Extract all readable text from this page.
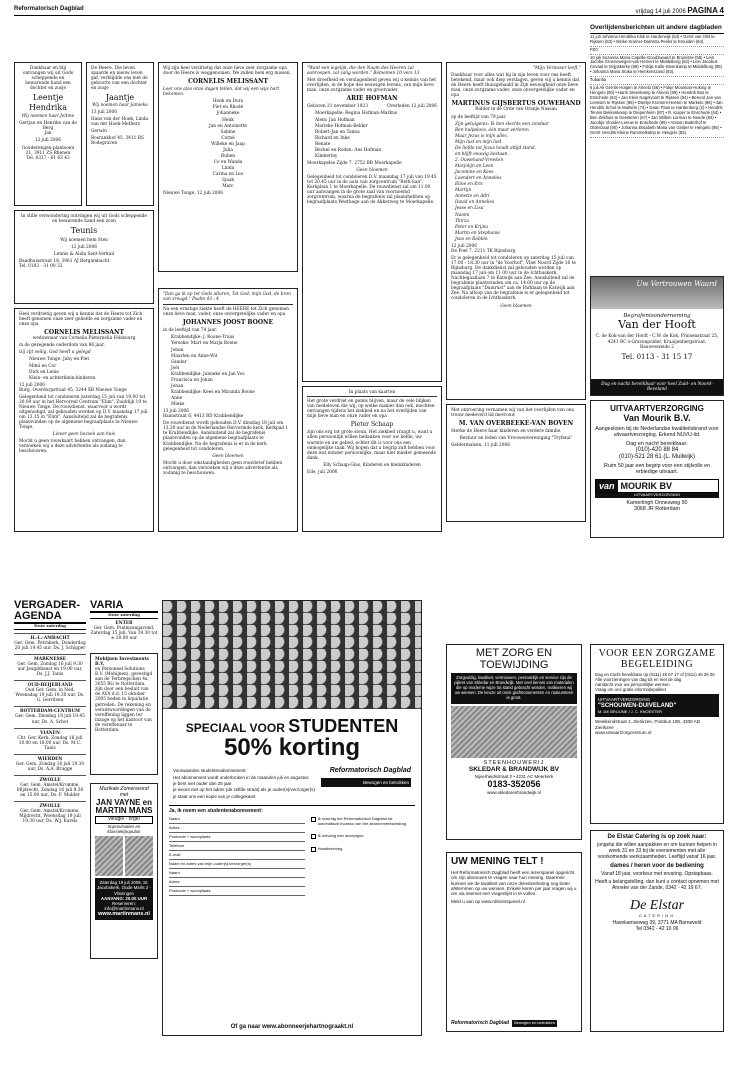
Reformatorisch Dagblad	vrijdag 14 juli 2006 PAGINA 4
Dankbaar en blij ontvangen wij uit Gods scheppende en bewarende hand een dochter en zusje
Leentje Hendrika
Wij noemen haar Jeltine
Gertjan en Henrike van de Berg
Jan
12 juli 2006
Gouderengen-plantsoen 21, 3911 ZS Rhenen
Tel. 0317 - 61 63 43
De Heere, Die leven spaarde en nieuw leven gaf, verblijdde ons met de geboorte van een dochter en zusje
Jaantje
Wij noemen haar Jamieke
13 juli 2006
Hans van der Hoek, Linda van der Hoek-Metherz
Gerwin
Bosrankhof 45, 3411 RS Bodegraven
In stille verwondering ontvingen wij uit Gods scheppende en bewarende hand een zoon
Teunis
Wij noemen hem Sten
12 juli 2006
Lennis & Alida Sent-Verkuil
Baadhuisstraat 18, 3961 AJ Bergambacht
Tel. 0183 - 31 00 33
Wij zijn heel verdrietig dat onze lieve zeer zorgzame opa door de Heere is weggenomen. We zullen hem erg missen.
CORNELIS MELISSANT
Leer ons alzo onze dagen tellen, dat wij een wijs hart bekomen.
Henk en Dora
Piet en Rhodé
Johanneke
Henk
Jan en Antoinette
Sabine
Corné
Willeke en Jaap
Julia
Ruben
Co en Wanda
Linda
Carina en Leo
Sjaak
Marc
Nieuwe Tonge, 12 juli 2006
Heel verdrietig geven wij u kennis dat de Heere tot Zich heeft genomen onze zeer geliefde en zorgzame vader en onze opa
CORNELIS MELISSANT
weduwnaar van Cornelia Pieternella Felsbourg
in de gezegende ouderdom van 86 jaar.
Gij zijt veilig, God heeft u gelegd
Nieuwe Tonge: Jany en Piet
Mimi en Cor
Dick en Lenie
Klein- en achterklein-kinderen
12 juli 2006
Burg. Overdorpstraat 45, 3244 XB Nieuwe Tonge
Gelegenheid tot condoleren zaterdag 15 juli van 19.00 tot 20.00 uur in het Hervormd Centrum "Elim", Zuiddijk 19 te Nieuwe Tonge. De rouwdienst, waarvoor u wordt uitgenodigd, zal gehouden worden op D.V. maandag 17 juli om 13.15 in "Elim". Aansluitend zal de begrafenis plaatsvinden op de algemene begraafplaats te Nieuwe Tonge.
Liever geen bezoek aan huis
Mocht u geen rouwkaart hebben ontvangen, dan verzoeken wij u deze advertentie als zodanig te beschouwen.
"Dan ga ik op tot Gods altaren, Tot God, mijn God, de bron van vreugd." Psalm 43 : 4
Na een ernstige ziekte heeft de HEERE tot Zich genomen onze lieve man, vader, onze onvergetelijke vader en opa
JOHANNES JOOST BOONE
in de leeftijd van 74 jaar.
Krabbendijke: J. Boone-Traas
Yerseke: Mart en Marja Boone
Johan
Maarten en Anne-Wil
Sander
Joël
Krabbendijke: Janneke en Jan Vos
Francisca en Johan
Johan
Krabbendijke: Kees en Miranda Boone
Anne
Mieke
13 juli 2006
Baanstraat 6, 4413 BD Krabbendijke
De rouwdienst wordt gehouden D.V. dinsdag 18 juli om 13.30 uur in de Nederlandse Hervormde kerk, Kerkpad 1 te Krabbendijke. Aansluitend zal de begrafenis plaatsvinden op de algemene begraafplaats te Krabbendijke. Na de begrafenis is er in de kerk gelegenheid tot condoleren.
Geen bloemen
Mocht u door omstandigheden geen rouwbrief hebben ontvangen, dan verzoeken wij u deze advertentie als zodanig te beschouwen.
"Want een iegelijk, die den Naam des Heeren zal aanroepen, zal zalig worden." Romeinen 10 vers 13
Met droefheid en verslagenheid geven wij u kennis van het overlijden, in de hope des eeuwigen levens, van mijn lieve man, onze zorgzame vader en grootvader
ARIE HOFMAN
Geboren 21 november 1923	Overleden 12 juli 2006
Moerkapelle: Regina Hofman-Markus
Alem: Jan Hofman
Marieke Hofman-Belder
Robert-Jan en Tanna
Richard en Inke
Renate
Beckel en Roden: Ans Hofman
Kimberley
Moerkapelse Zijde 7, 2752 BB Moerkapelle
Geen bloemen
Gelegenheid tot condoleren D.V. maandag 17 juli van 19.45 tot 20.45 uur in de aula van zorgcentrum "Beth-San", Kerkplein 1 te Moerkapelle. De rouwdienst zal om 11.00 uur aanvangen in de grote zaal van voornoemd zorgcentrum, waarna de begrafenis zal plaatshebben op begraafplaats Westhage aan de Akkerweg te Moerkapelle.
In plaats van kaarten
Het grote verdriet en gemis blijven, maar de vele blijken van medeleven die wij, op welke manier dan ook, mochten ontvangen tijdens het ziekbed en na het overlijden van mijn lieve man en onze vader en opa
Pieter Schaap
zijn ons erg tot grote steun. Het ziekbed vraagt u, want u allen persoonlijk willen bedanken voor uw liefde, uw warmte en uw gebed, echter dit is voor ons een onmogelijke taak. Wij hopen dat u begrip zult hebben voor deze wat minder persoonlijke, maar niet minder gemeende dank.
Elly Schaap-Glas, Kinderen en kleinkinderen
Ede, juli 2006
"Mijn Verlosser leeft."
Dankbaar voor alles wat hij in zijn leven voor ons heeft betekend, maar ook diep verslagen, geven wij u kennis dat de Heere heeft thuisgehaald in Zijn eeuwigheid onze lieve man, onze zorgzame vader, onze onvergetelijke vader en opa
MARTINUS GIJSBERTUS OUWEHAND
Ridder in de Orde van Oranje Nassau
op de leeftijd van 79 jaar.
Zijn getuigenis: Ik ben slechts een zondaar
Ben hulpeloos, één maar verloren
Maar Jezus is mijn alles,
Mijn lust en mijn lied.
De liefde tot Jezus houdt altijd stand,
en blijft eeuwig bestaan.
2. Ouwehand-Vreeken
Marjolijn en Leen
Jacomine en Kees
Loendert en Annelies
Eline en Eric
Martijn
Annette en Adri
David en Annelies
Jesse en Lisa
Naomi
Thirza
Peter en Krijna
Martin en Stephanie
Joas en Robbin
12 juli 2006
De Poel 7, 2211 TK Rijnsburg
Er is gelegenheid tot condoleren op zaterdag 15 juli van 17.00 - 18.30 uur in "de Voorhof", Vliet Noord Zijde 16 te Rijnsburg. De dankdienst zal gehouden worden op maandag 17 juli om 11.00 uur in de Ichthuskerk, Nachtegaallaan 7 te Katwijk aan Zee. Aansluitend zal de begrafenis plaatsvinden om ca. 14.00 uur op de begraafplaats "Duinrust" aan de Parklaan te Katwijk aan Zee. Na afloop van de begrafenis is er gelegenheid tot condoleren in de Ichthuskerk.
Geen bloemen
Met ontroering vernamen wij van het overlijden van ons trouw medeverd lid mevrouw
M. VAN OVERBEEKE-VAN BOVEN
Sterke de Heere haar kinderen en verdere familie.
Bestuur en leden van Vrouwenvereniging "Tryfena"
Geldermalsen, 11 juli 2006
Overlijdensberichten uit andere dagbladen
11 juli Johanna Hendrika Klok te Harderwijk (54) • Gerrit van Olst te Rijssen (83) • Minke Kramer-Damstra Peeks te Emuiden (84).
PZC
10 juli Suzanna Maria Capelle-Goudzwaard te Bruinisse (55) • Lein Jacoba Groenewegen-van Hemert te Middelburg (63) • Lein Jacobus Cevaal te Grijpskerke (69) • Foldje Kalle-Steenkamp te Middelburg (85) • Johanna Maria Stoka te Heinkenszand (83).
Tubantia
6 juli Ali Gerrits-Holgen te Almelo (58) • Fokje Mooiman-Hoking te Hengelo (90) • Harm Steenkamp te Almelo (89) • Hendrik Bos te Enschede (84) • Jan Klein Nagelvoort te Rijssen (84) • Berend Jan van Lenssen te Rijssen (86) • Dientje Kromers-Heeten te Markelo (86) • Jan Hendrik Schut te Markelo (74) • Daan Paus te Hardenberg (2) • Hendrik Tennis Bekkenkamp te Diepenheim (87) • R. Kuiper te Enschede (64) • Ben Zekhuis te Geesteren (67) • Jan Willem Lorman te Neede (84) • Jacobje Vlonder-Leeuw te Enschede (89) • Antoon Butterhof te Oldenzaal (90) • Johanna Elisabeth Maria van Gelder te Hengelo (95) • Gerrit Hendrik Kleine Rammelkamp te Hengelo (83).
Uw Vertrouwen Waard
Begrafenisonderneming
Van der Hooft
C. de Kok-van der Hooft - C.W. de Kok, Prinsenstraat 25, 4241 BC s-Gravenpolder, Kraaijenbergstraat, Bauwesweide 2
Tel. 0113 - 31 15 17
Dag en nacht bereikbaar voor heel Zuid- en Noord-Beveland
UITVAARTVERZORGING
Van Mourik B.V.
Aangesloten bij de Nederlandse kwaliteitsbrand voor uitvaartverzorging. Erkend NUVU-lid.
Dag en nacht bereikbaar:
(010)-420 88 84
(010)-521 28 61 (L. Muilwijk)
Ruim 50 jaar een begrip voor een stijlvolle en erbiedige uitvaart.
van MOURIK BV
UITVAARTVERZORGING
Kamerlingh Onnesweg 50
3068 JR Rotterdam
VERGADER-AGENDA
Deze zaterdag
H.-L.-AMBACHT
Ger. Gem. Petrakerk, Donderdag 20 juli 19.45 uur, Ds. J. Schipper
MARKNESSE
Ger. Gem. Zondag 16 juli 9.30 uur Jeugddienst en 19.00 uur, Ds. J.J. Tanis
OUD-BEIJERLAND
Oud Ger. Gem. in Ned. Woensdag 19 juli 19.30 uur, Ds. G. Gerritsen
ROTTERDAM-CENTRUM
Ger. Gem. Dinsdag 18 juli 19.45 uur, Ds. A. Schot
VIANEN
Chr. Ger. Kerk, Zondag 16 juli 10.00 en 18.00 uur, Ds. M.C. Tanis
WIERDEN
Ger. Gem. Zondag 16 juli 19.30 uur, Ds. A.A. Brugge
ZWOLLE
Ger. Gem. Amstel/Kromme, Mijdrecht, Zondag 16 juli 9.30 en 15.00 uur, Ds. F. Mulder
ZWOLLE
Ger. Gem. Amstel/Kromme, Mijdrecht, Woensdag 19 juli 19.30 uur, Ds. W.J. Karels
VARIA
Deze zaterdag
ENTER
Ger. Gem. Psalmzangavond, Zaterdag 15 juli, Van 19.30 tot ± 20.00 uur
Mobijnen Investments B.V.
en Personeel Solutions B.V. (Mobijnen), gevestigd aan de Terbregschen 4a, 3055 RG te Rotterdam, zijn door een besluit van de AVA d.d. 15 oktober 2005 heden in liquidatie getreden. De rekening en verantwoordingen van de vereffening liggen ter inzage op het kantoor van de vereffenaar te Rotterdam.
Muzikale Zomeravond met
JAN VAYNE en MARTIN MANS
vleugel - orgel
Improvisaties en klassiek/populair
Zaterdag 19 juli 2006, St. Jacobskerk, Oude Markt 2 - Vlissingen
AANVANG: 20.00 UUR
Reserveren: info@martinmans.nl
www.martinmans.nl
SPECIAAL VOOR STUDENTEN
50% korting
Voorwaarden studentenabonnement:
Het abonnement wordt onderbroken in de maanden juli en augustus
je bent niet ouder dan 25 jaar
je woont niet op het adres (de zelfde straat) als je ouder(s)/verzorger(s)
je staat ons een kopie van je collegekaart
Reformatorisch Dagblad
Bewogen en betrokken
Ja, ik neem een studentenabonnement:
Naam
Adres
Postcode + woonplaats
Telefoon
E-mail
Naam en adres van mijn ouder(s)/verzorger(s)
Naam
Adres
Postcode + woonplaats
Ik machtig het Reformatorisch Dagblad tot automatisch incasso van het abonnementsbedrag
Ik ontvang een acceptgiro
Handtekening
Of ga naar www.abonneerjehartnograakt.nl
MET ZORG EN TOEWIJDING
Zorgvuldig, kwaliteit, vertrouwen, persoonlijk en service zijn de pijlers van Skledar en Brandwijk. Met veel kennis van materialen die op moderne wijze tot stand gebracht worden, realiseren wij uw wensen. De keuze uit onze grafmonumenten en natuursteen is groot.
STEENHOUWERIJ
SKLEDAR & BRANDWIJK BV
Nijverheidsstraat 2 • 4231 AC Meerkerk
0183-352056
www.skledarenbrandwijk.nl
UW MENING TELT !
Het Reformatorisch Dagblad heeft een lezerspanel opgericht om zijn abonnees te vragen naar hun mening. Daarmee kunnen we de kwaliteit van onze dienstverlening nog beter afstemmen op uw wensen. Enkele keren per jaar vragen wij u om via internet een vragenlijst in te vullen.
Meld u aan op www.rdlezerspanel.nl
Reformatorisch Dagblad	Bewogen en betrokken
VOOR EEN ZORGZAME BEGELEIDING
Dag en nacht bereikbaar op (0111) 45 07 17 of (0111) 46 26 00
Alle voorzieningen van dag tot en met de dag
Aandacht voor uw persoonlijke wensen
Vraag om ons gratis informatiepakket
UITVAARTVERZORGING
"SCHOUWEN-DUIVELAND"
M. DE BRUIJNE / J. C. KNOESTER
Weelkendstraat 4, Zierikzee, Postbus 189, 4300 AD Zierikzee
www.uitvaartzorgcentrum.nl
De Elstar Catering is op zoek naar:
jongelui die willen aanpakken en om kunnen helpen in week 31 en 33 bij de evenementen met alle voorkomende werkzaamheden. Leeftijd vanaf 16 jaar.
dames / heren voor de bediening
Vanaf 18 jaar, voorkeur met ervaring. Opstapbaas.
Heeft u belangstelling, dan kunt u contact opnemen met Anneke van der Zande, 0342 - 42 19 67.
De Elstar
CATERING
Havekamseweg 39, 3771 MA Barneveld
Tel 0342 - 42 10 06
